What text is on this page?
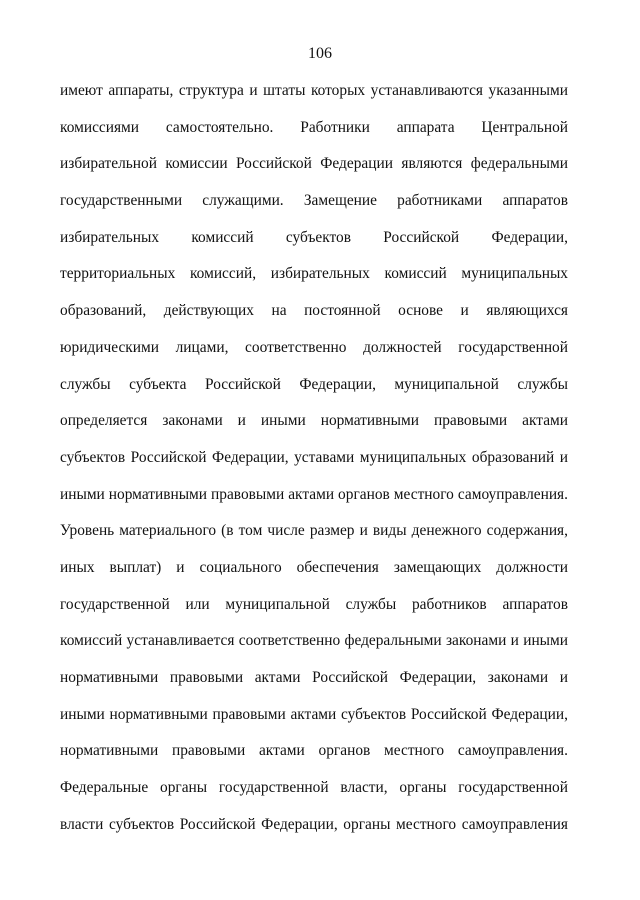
106
имеют аппараты, структура и штаты которых устанавливаются указанными
комиссиями самостоятельно. Работники аппарата Центральной
избирательной комиссии Российской Федерации являются федеральными
государственными служащими. Замещение работниками аппаратов
избирательных комиссий субъектов Российской Федерации,
территориальных комиссий, избирательных комиссий муниципальных
образований, действующих на постоянной основе и являющихся
юридическими лицами, соответственно должностей государственной
службы субъекта Российской Федерации, муниципальной службы
определяется законами и иными нормативными правовыми актами
субъектов Российской Федерации, уставами муниципальных образований и
иными нормативными правовыми актами органов местного самоуправления.
Уровень материального (в том числе размер и виды денежного содержания,
иных выплат) и социального обеспечения замещающих должности
государственной или муниципальной службы работников аппаратов
комиссий устанавливается соответственно федеральными законами и иными
нормативными правовыми актами Российской Федерации, законами и
иными нормативными правовыми актами субъектов Российской Федерации,
нормативными правовыми актами органов местного самоуправления.
Федеральные органы государственной власти, органы государственной
власти субъектов Российской Федерации, органы местного самоуправления
